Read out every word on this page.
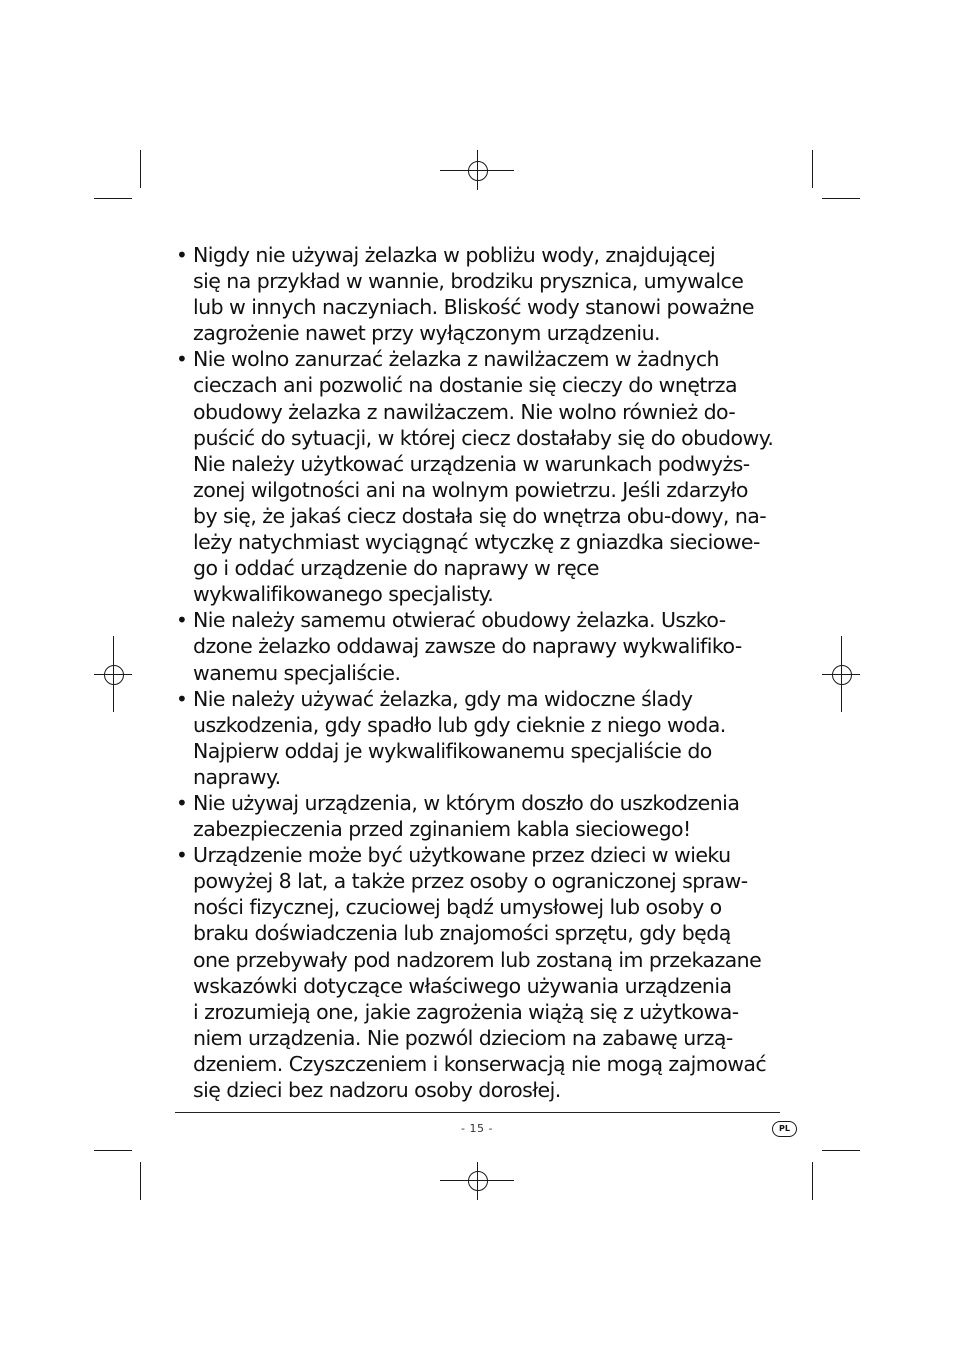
• Nigdy nie używaj żelazka w pobliżu wody, znajdującej
się na przykład w wannie, brodziku prysznica, umywalce
lub w innych naczyniach. Bliskość wody stanowi poważne
zagrożenie nawet przy wyłączonym urządzeniu.
• Nie wolno zanurzać żelazka z nawilżaczem w żadnych
cieczach ani pozwolić na dostanie się cieczy do wnętrza
obudowy żelazka z nawilżaczem. Nie wolno również do-
puścić do sytuacji, w której ciecz dostałaby się do obudowy.
Nie należy użytkować urządzenia w warunkach podwyżs-
zonej wilgotności ani na wolnym powietrzu. Jeśli zdarzyło
by się, że jakaś ciecz dostała się do wnętrza obu-dowy, na-
leży natychmiast wyciągnąć wtyczkę z gniazdka sieciowe-
go i oddać urządzenie do naprawy w ręce
wykwalifikowanego specjalisty.
• Nie należy samemu otwierać obudowy żelazka. Uszko-
dzone żelazko oddawaj zawsze do naprawy wykwalifiko-
wanemu specjaliście.
• Nie należy używać żelazka, gdy ma widoczne ślady
uszkodzenia, gdy spadło lub gdy cieknie z niego woda.
Najpierw oddaj je wykwalifikowanemu specjaliście do
naprawy.
• Nie używaj urządzenia, w którym doszło do uszkodzenia
zabezpieczenia przed zginaniem kabla sieciowego!
• Urządzenie może być użytkowane przez dzieci w wieku
powyżej 8 lat, a także przez osoby o ograniczonej spraw-
ności fizycznej, czuciowej bądź umysłowej lub osoby o
braku doświadczenia lub znajomości sprzętu, gdy będą
one przebywały pod nadzorem lub zostaną im przekazane
wskazówki dotyczące właściwego używania urządzenia
i zrozumieją one, jakie zagrożenia wiążą się z użytkowa-
niem urządzenia. Nie pozwól dzieciom na zabawę urzą-
dzeniem. Czyszczeniem i konserwacją nie mogą zajmować
się dzieci bez nadzoru osoby dorosłej.
- 15 -	PL
